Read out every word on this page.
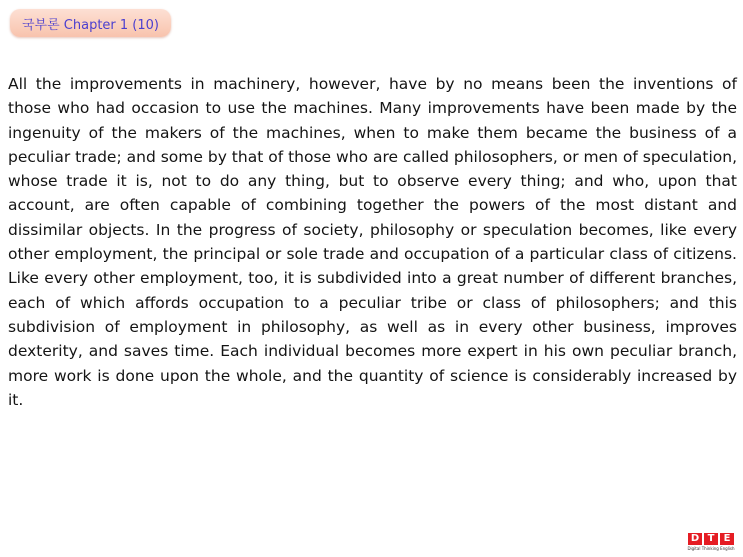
국부론 Chapter 1 (10)

All the improvements in machinery, however, have by no means been the inventions of those who had occasion to use the machines. Many improvements have been made by the ingenuity of the makers of the machines, when to make them became the business of a peculiar trade; and some by that of those who are called philosophers, or men of speculation, whose trade it is, not to do any thing, but to observe every thing; and who, upon that account, are often capable of combining together the powers of the most distant and dissimilar objects. In the progress of society, philosophy or speculation becomes, like every other employment, the principal or sole trade and occupation of a particular class of citizens. Like every other employment, too, it is subdivided into a great number of different branches, each of which affords occupation to a peculiar tribe or class of philosophers; and this subdivision of employment in philosophy, as well as in every other business, improves dexterity, and saves time. Each individual becomes more expert in his own peculiar branch, more work is done upon the whole, and the quantity of science is considerably increased by it.

D T E
Digital Thinking English
